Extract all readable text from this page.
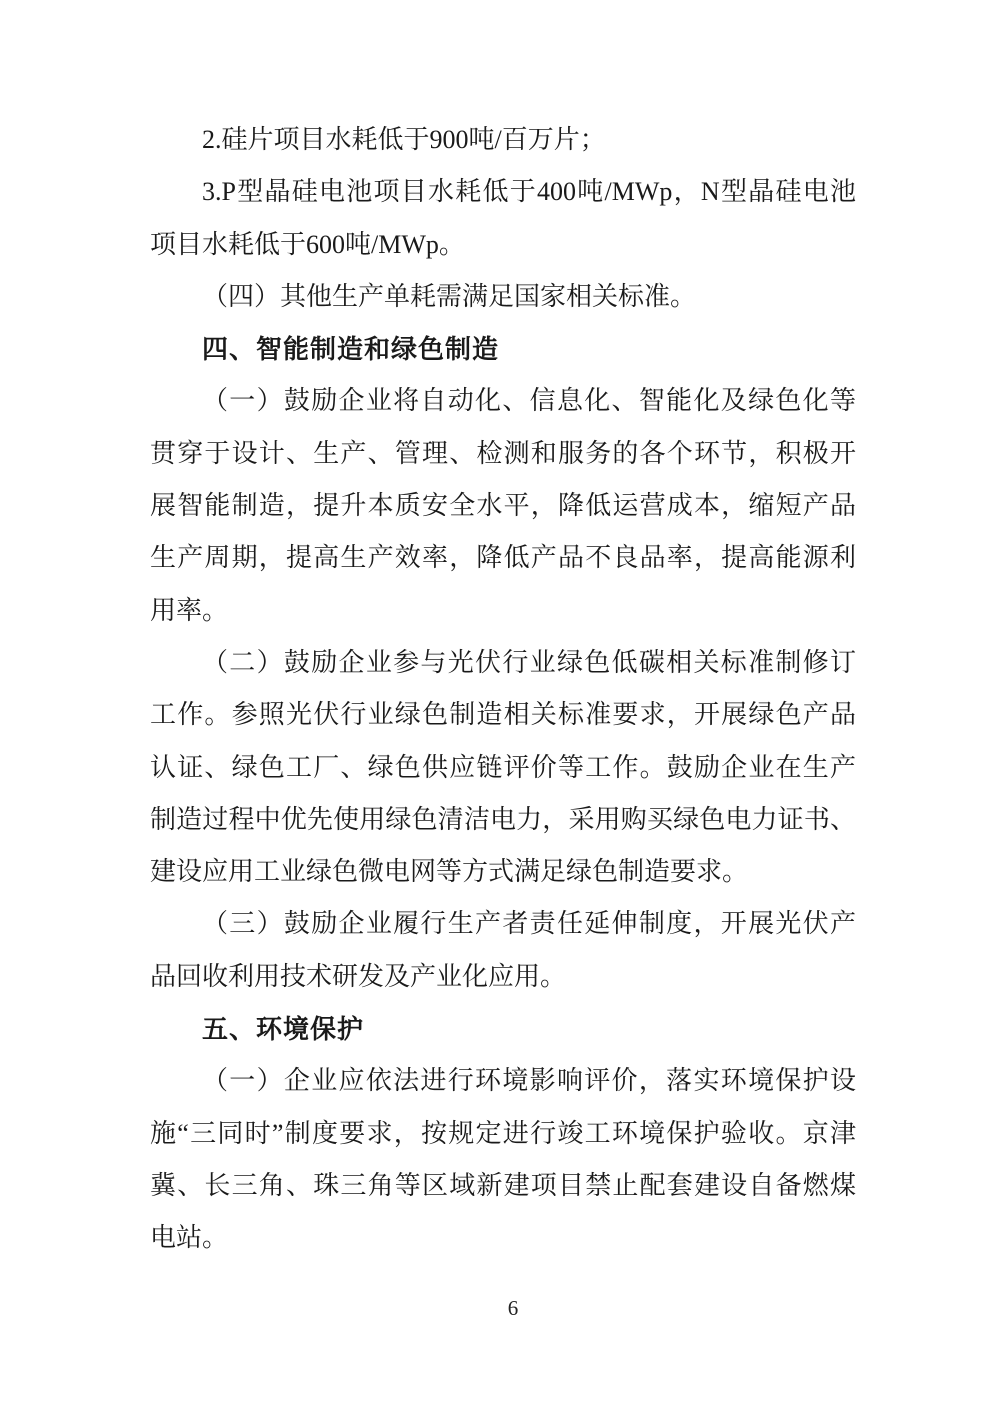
2.硅片项目水耗低于900吨/百万片；
3.P型晶硅电池项目水耗低于400吨/MWp，N型晶硅电池
项目水耗低于600吨/MWp。
（四）其他生产单耗需满足国家相关标准。
四、智能制造和绿色制造
（一）鼓励企业将自动化、信息化、智能化及绿色化等
贯穿于设计、生产、管理、检测和服务的各个环节，积极开
展智能制造，提升本质安全水平，降低运营成本，缩短产品
生产周期，提高生产效率，降低产品不良品率，提高能源利
用率。
（二）鼓励企业参与光伏行业绿色低碳相关标准制修订
工作。参照光伏行业绿色制造相关标准要求，开展绿色产品
认证、绿色工厂、绿色供应链评价等工作。鼓励企业在生产
制造过程中优先使用绿色清洁电力，采用购买绿色电力证书、
建设应用工业绿色微电网等方式满足绿色制造要求。
（三）鼓励企业履行生产者责任延伸制度，开展光伏产
品回收利用技术研发及产业化应用。
五、环境保护
（一）企业应依法进行环境影响评价，落实环境保护设
施“三同时”制度要求，按规定进行竣工环境保护验收。京津
冀、长三角、珠三角等区域新建项目禁止配套建设自备燃煤
电站。
6
